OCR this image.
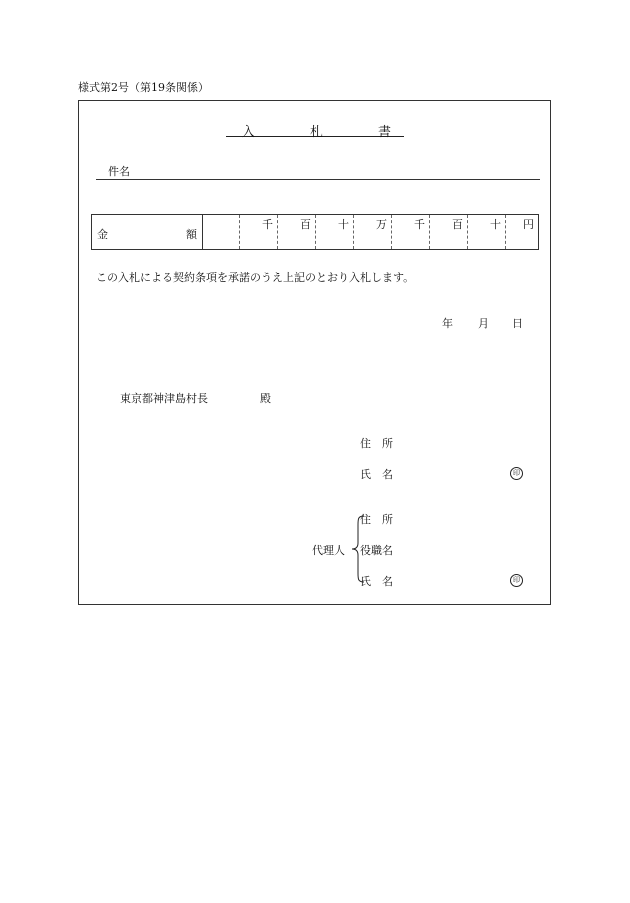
様式第2号（第19条関係）
入	札	書
件名
金	額
千 百 十 万 千 百 十 円
この入札による契約条項を承諾のうえ上記のとおり入札します。
年 月 日
東京都神津島村長	殿
住 所
氏 名	印
代理人
住 所
役職名
氏 名	印
